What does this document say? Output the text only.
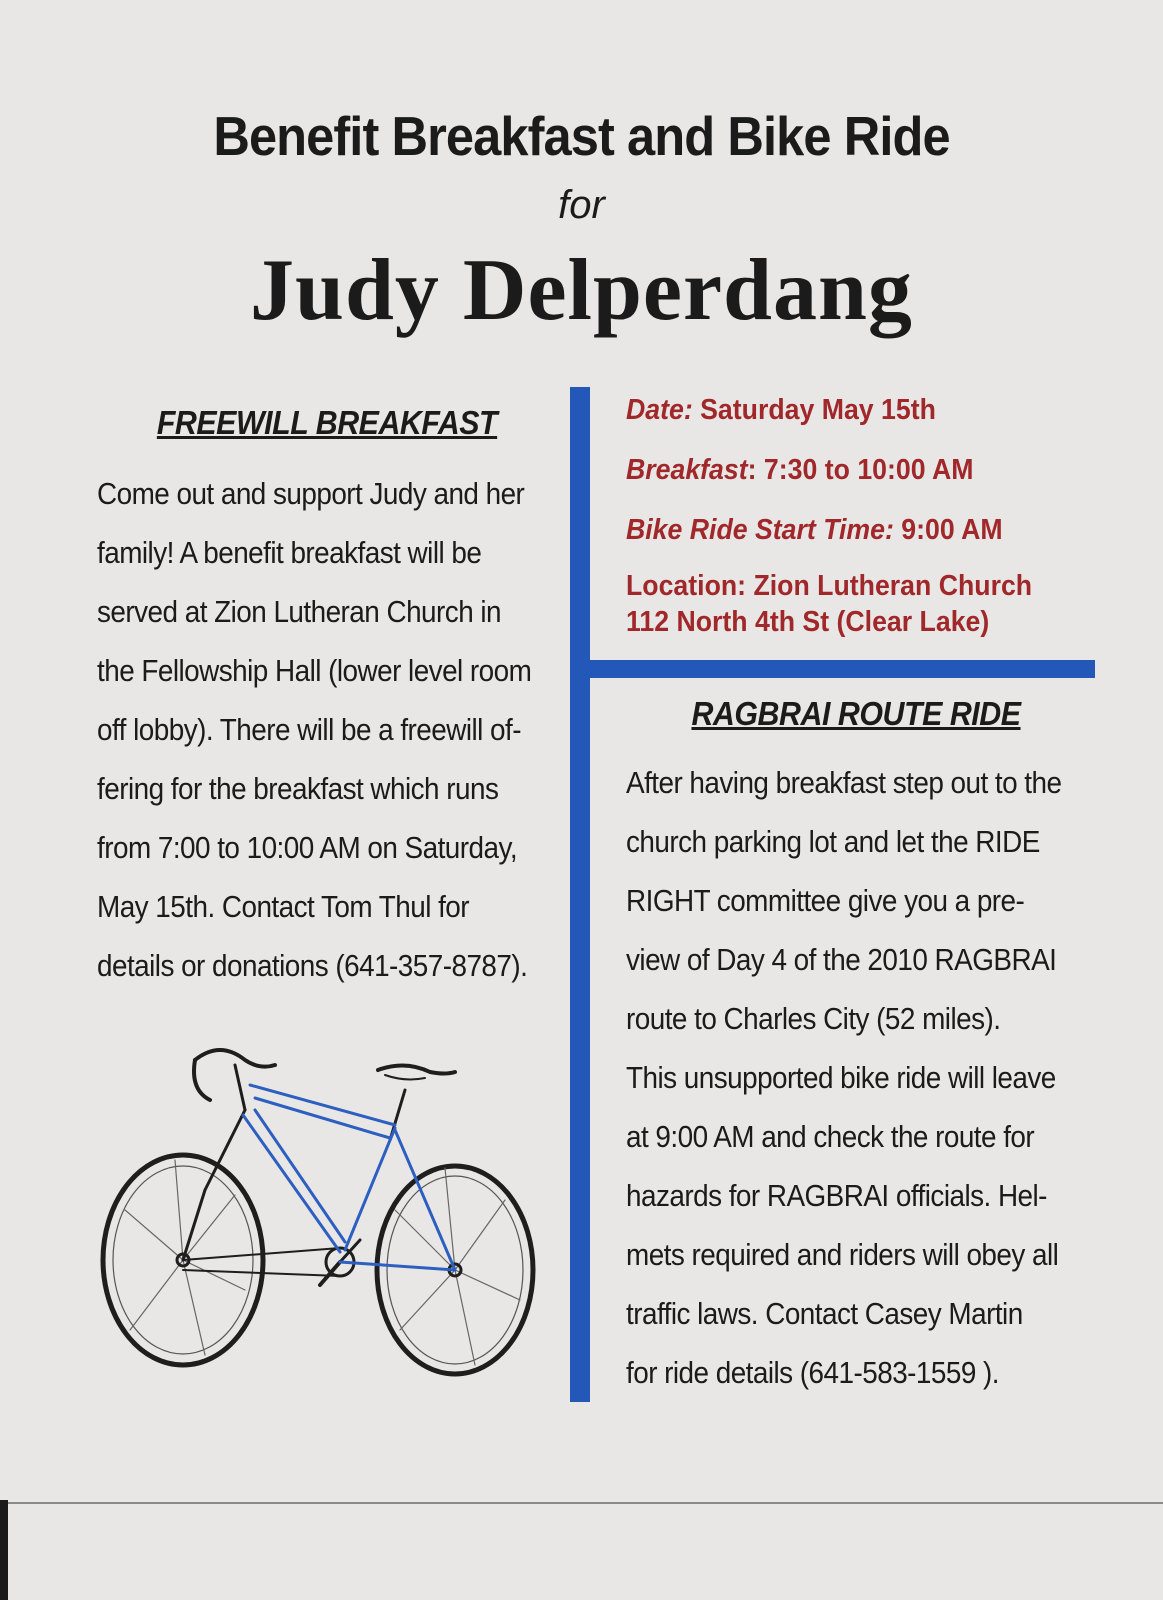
Benefit Breakfast and Bike Ride
for
Judy Delperdang
FREEWILL BREAKFAST
Come out and support Judy and her
family! A benefit breakfast will be
served at Zion Lutheran Church in
the Fellowship Hall (lower level room
off lobby). There will be a freewill of-
fering for the breakfast which runs
from 7:00 to 10:00 AM on Saturday,
May 15th. Contact Tom Thul for
details or donations (641-357-8787).

Date: Saturday May 15th

Breakfast: 7:30 to 10:00 AM

Bike Ride Start Time: 9:00 AM

Location: Zion Lutheran Church

112 North 4th St (Clear Lake)

RAGBRAI ROUTE RIDE
After having breakfast step out to the
church parking lot and let the RIDE
RIGHT committee give you a pre-
view of Day 4 of the 2010 RAGBRAI
route to Charles City (52 miles).
This unsupported bike ride will leave
at 9:00 AM and check the route for
hazards for RAGBRAI officials. Hel-
mets required and riders will obey all
traffic laws. Contact Casey Martin
for ride details (641-583-1559 ).
